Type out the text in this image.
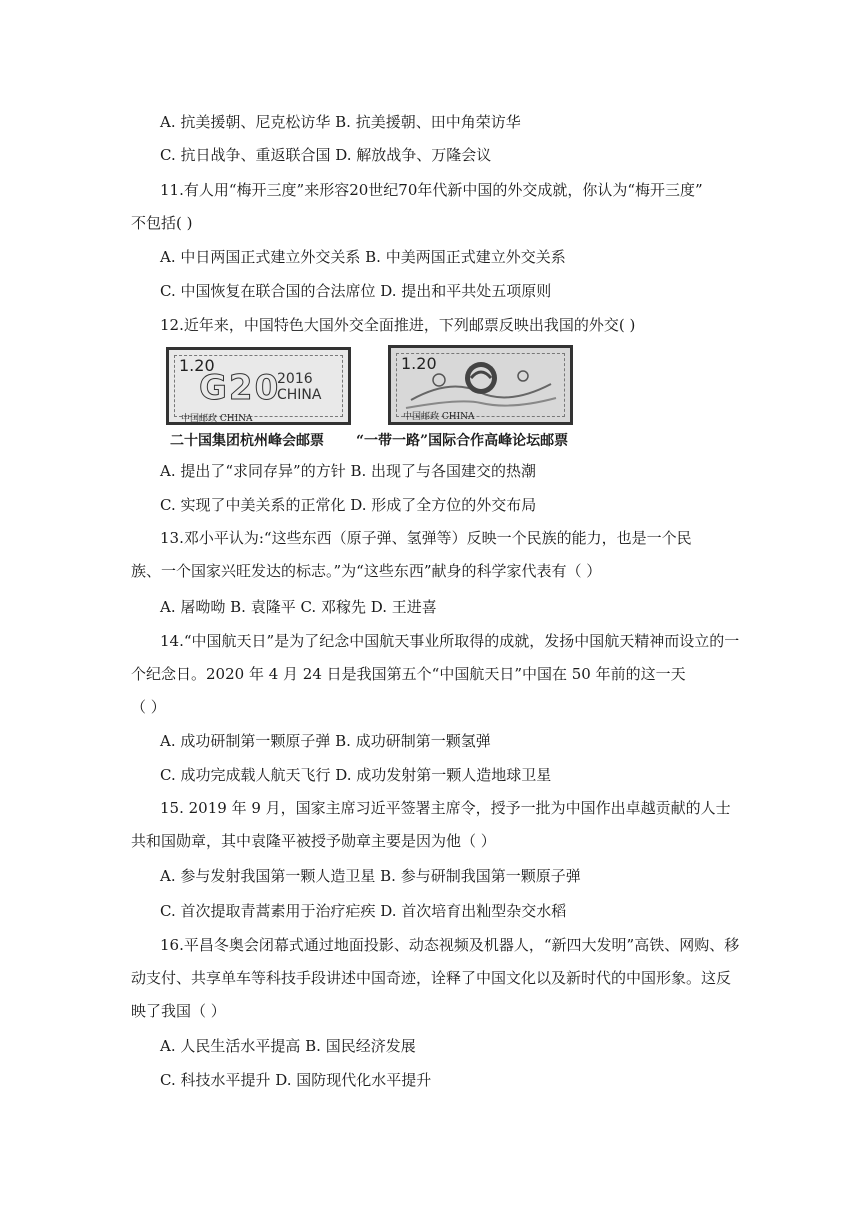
A. 抗美援朝、尼克松访华 B. 抗美援朝、田中角荣访华
C. 抗日战争、重返联合国 D. 解放战争、万隆会议
11.有人用“梅开三度”来形容20世纪70年代新中国的外交成就，你认为“梅开三度”
不包括( )
A. 中日两国正式建立外交关系 B. 中美两国正式建立外交关系
C. 中国恢复在联合国的合法席位 D. 提出和平共处五项原则
12.近年来，中国特色大国外交全面推进，下列邮票反映出我国的外交( )
1.20
G20
2016
CHINA
中国邮政 CHINA
二十国集团杭州峰会邮票
1.20
中国邮政 CHINA
“一带一路”国际合作高峰论坛邮票
A. 提出了“求同存异”的方针 B. 出现了与各国建交的热潮
C. 实现了中美关系的正常化 D. 形成了全方位的外交布局
13.邓小平认为:“这些东西（原子弹、氢弹等）反映一个民族的能力，也是一个民族、一个国家兴旺发达的标志。”为“这些东西”献身的科学家代表有（ ）
A. 屠呦呦 B. 袁隆平 C. 邓稼先 D. 王进喜
14.“中国航天日”是为了纪念中国航天事业所取得的成就，发扬中国航天精神而设立的一个纪念日。2020 年 4 月 24 日是我国第五个“中国航天日”中国在 50 年前的这一天
（ ）
A. 成功研制第一颗原子弹 B. 成功研制第一颗氢弹
C. 成功完成载人航天飞行 D. 成功发射第一颗人造地球卫星
15. 2019 年 9 月，国家主席习近平签署主席令，授予一批为中国作出卓越贡献的人士共和国勋章，其中袁隆平被授予勋章主要是因为他（ ）
A. 参与发射我国第一颗人造卫星 B. 参与研制我国第一颗原子弹
C. 首次提取青蒿素用于治疗疟疾 D. 首次培育出籼型杂交水稻
16.平昌冬奥会闭幕式通过地面投影、动态视频及机器人，“新四大发明”高铁、网购、移动支付、共享单车等科技手段讲述中国奇迹，诠释了中国文化以及新时代的中国形象。这反映了我国（ ）
A. 人民生活水平提高 B. 国民经济发展
C. 科技水平提升 D. 国防现代化水平提升
